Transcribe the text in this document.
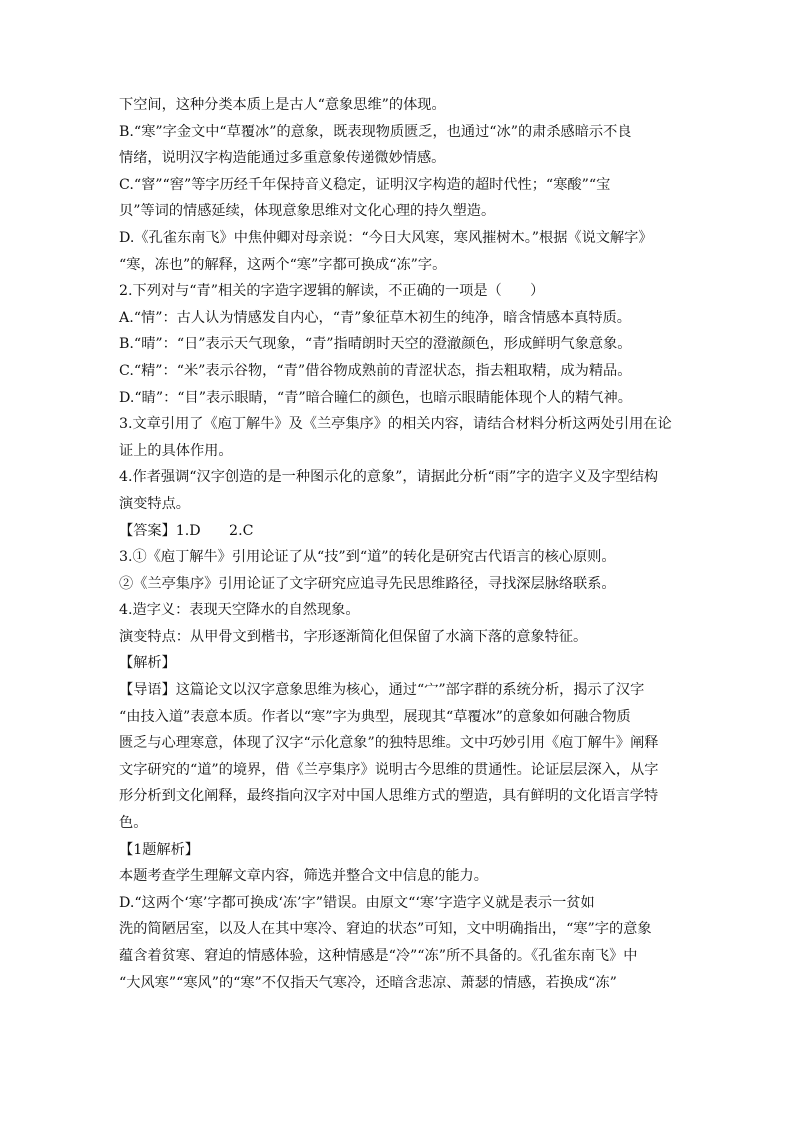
下空间，这种分类本质上是古人“意象思维”的体现。
B.“寒”字金文中“草覆冰”的意象，既表现物质匮乏，也通过“冰”的肃杀感暗示不良
情绪，说明汉字构造能通过多重意象传递微妙情感。
C.“窨”“窖”等字历经千年保持音义稳定，证明汉字构造的超时代性；“寒酸”“宝
贝”等词的情感延续，体现意象思维对文化心理的持久塑造。
D.《孔雀东南飞》中焦仲卿对母亲说：“今日大风寒，寒风摧树木。”根据《说文解字》
“寒，冻也”的解释，这两个“寒”字都可换成“冻”字。
2.下列对与“青”相关的字造字逻辑的解读，不正确的一项是（　　）
A.“情”：古人认为情感发自内心，“青”象征草木初生的纯净，暗含情感本真特质。
B.“晴”：“日”表示天气现象，“青”指晴朗时天空的澄澈颜色，形成鲜明气象意象。
C.“精”：“米”表示谷物，“青”借谷物成熟前的青涩状态，指去粗取精，成为精品。
D.“睛”：“目”表示眼睛，“青”暗合瞳仁的颜色，也暗示眼睛能体现个人的精气神。
3.文章引用了《庖丁解牛》及《兰亭集序》的相关内容，请结合材料分析这两处引用在论
证上的具体作用。
4.作者强调“汉字创造的是一种图示化的意象”，请据此分析“雨”字的造字义及字型结构
演变特点。
【答案】1.D　　2.C
3.①《庖丁解牛》引用论证了从“技”到“道”的转化是研究古代语言的核心原则。
②《兰亭集序》引用论证了文字研究应追寻先民思维路径，寻找深层脉络联系。
4.造字义：表现天空降水的自然现象。
演变特点：从甲骨文到楷书，字形逐渐简化但保留了水滴下落的意象特征。
【解析】
【导语】这篇论文以汉字意象思维为核心，通过“宀”部字群的系统分析，揭示了汉字
“由技入道”表意本质。作者以“寒”字为典型，展现其“草覆冰”的意象如何融合物质
匮乏与心理寒意，体现了汉字“示化意象”的独特思维。文中巧妙引用《庖丁解牛》阐释
文字研究的“道”的境界，借《兰亭集序》说明古今思维的贯通性。论证层层深入，从字
形分析到文化阐释，最终指向汉字对中国人思维方式的塑造，具有鲜明的文化语言学特
色。
【1题解析】
本题考查学生理解文章内容，筛选并整合文中信息的能力。
D.“这两个‘寒’字都可换成‘冻’字”错误。由原文“‘寒’字造字义就是表示一贫如
洗的简陋居室，以及人在其中寒冷、窘迫的状态”可知，文中明确指出，“寒”字的意象
蕴含着贫寒、窘迫的情感体验，这种情感是“冷”“冻”所不具备的。《孔雀东南飞》中
“大风寒”“寒风”的“寒”不仅指天气寒冷，还暗含悲凉、萧瑟的情感，若换成“冻”
